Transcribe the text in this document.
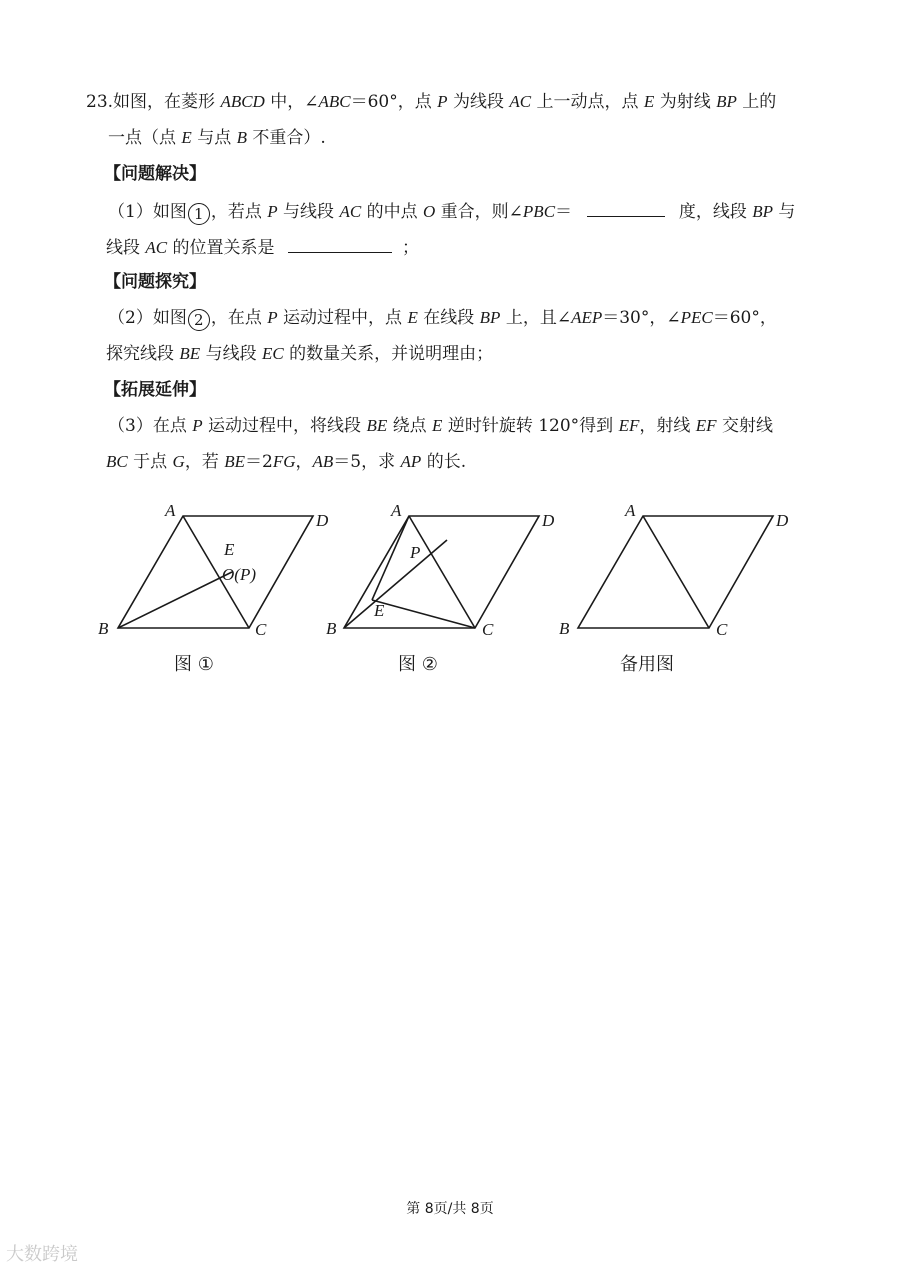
23.如图，在菱形 ABCD 中，∠ABC＝60°，点 P 为线段 AC 上一动点，点 E 为射线 BP 上的
一点（点 E 与点 B 不重合）.
【问题解决】
（1）如图 1 ，若点 P 与线段 AC 的中点 O 重合，则∠PBC＝	度，线段 BP 与
线段 AC 的位置关系是	；
【问题探究】
（2）如图 2 ，在点 P 运动过程中，点 E 在线段 BP 上，且∠AEP＝30°，∠PEC＝60°，
探究线段 BE 与线段 EC 的数量关系，并说明理由；
【拓展延伸】
（3）在点 P 运动过程中，将线段 BE 绕点 E 逆时针旋转 120°得到 EF，射线 EF 交射线
BC 于点 G，若 BE＝2FG，AB＝5，求 AP 的长.
A
D
B	C
E
O(P)
图 ①
A
D
B	C
P
E
图 ②
A
D
B	C
备用图
第 8页/共 8页
大数跨境
